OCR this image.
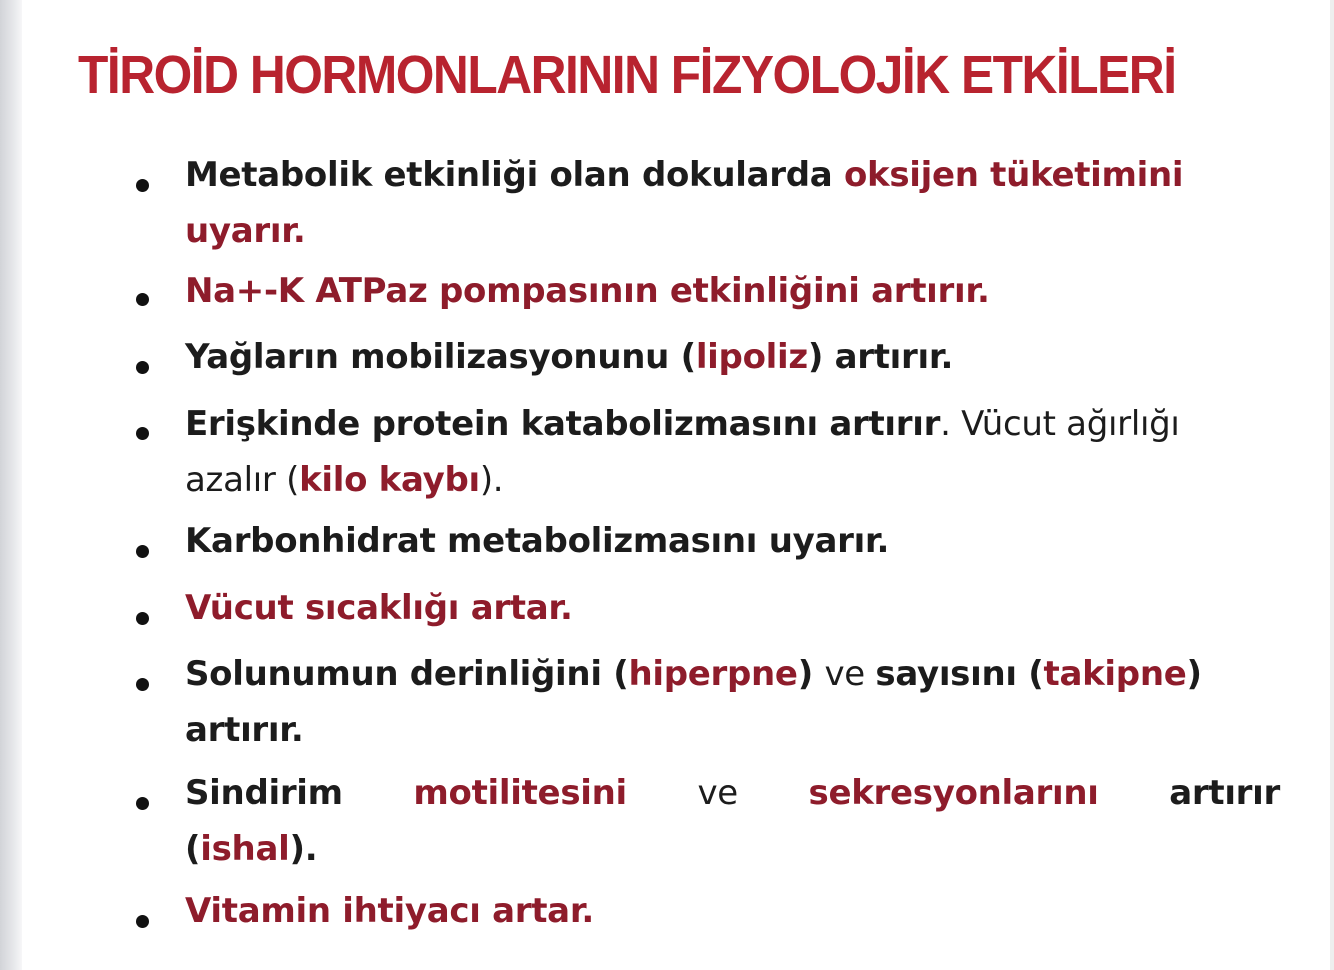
TİROİD HORMONLARININ FİZYOLOJİK ETKİLERİ
Metabolik etkinliği olan dokularda oksijen tüketimini
uyarır.
Na+-K ATPaz pompasının etkinliğini artırır.
Yağların mobilizasyonunu (lipoliz) artırır.
Erişkinde protein katabolizmasını artırır. Vücut ağırlığı
azalır (kilo kaybı).
Karbonhidrat metabolizmasını uyarır.
Vücut sıcaklığı artar.
Solunumun derinliğini (hiperpne) ve sayısını (takipne)
artırır.
Sindirim motilitesini ve sekresyonlarını artırır
(ishal).
Vitamin ihtiyacı artar.
